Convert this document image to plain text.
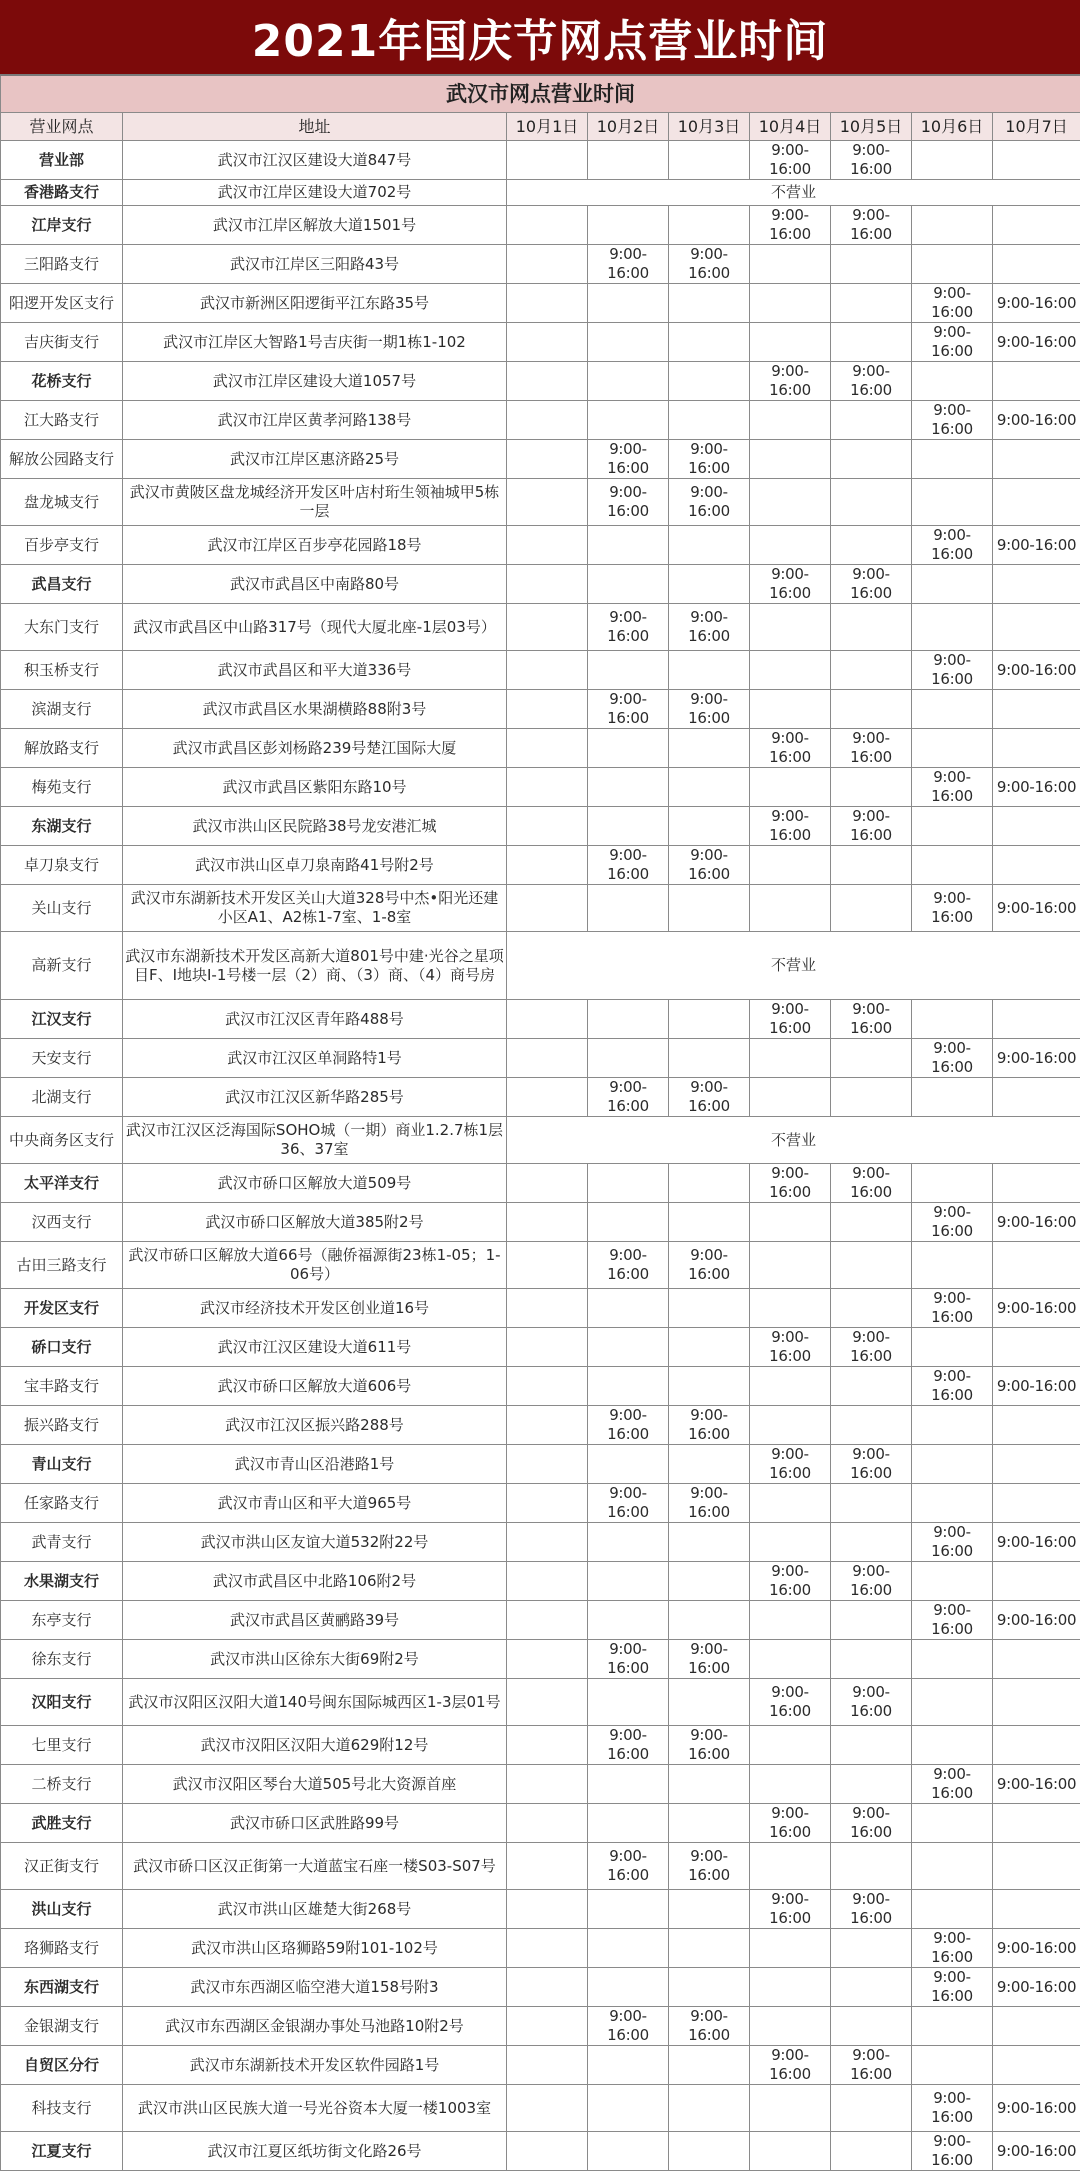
2021年国庆节网点营业时间
武汉市网点营业时间								
营业网点	地址	10月1日	10月2日	10月3日	10月4日	10月5日	10月6日	10月7日
营业部	武汉市江汉区建设大道847号				9:00-16:00	9:00-16:00		
香港路支行	武汉市江岸区建设大道702号	不营业						
江岸支行	武汉市江岸区解放大道1501号				9:00-16:00	9:00-16:00		
三阳路支行	武汉市江岸区三阳路43号		9:00-16:00	9:00-16:00				
阳逻开发区支行	武汉市新洲区阳逻街平江东路35号						9:00-16:00	9:00-16:00
吉庆街支行	武汉市江岸区大智路1号吉庆街一期1栋1-102						9:00-16:00	9:00-16:00
花桥支行	武汉市江岸区建设大道1057号				9:00-16:00	9:00-16:00		
江大路支行	武汉市江岸区黄孝河路138号						9:00-16:00	9:00-16:00
解放公园路支行	武汉市江岸区惠济路25号		9:00-16:00	9:00-16:00				
盘龙城支行	武汉市黄陂区盘龙城经济开发区叶店村珩生领袖城甲5栋一层		9:00-16:00	9:00-16:00				
百步亭支行	武汉市江岸区百步亭花园路18号						9:00-16:00	9:00-16:00
武昌支行	武汉市武昌区中南路80号				9:00-16:00	9:00-16:00		
大东门支行	武汉市武昌区中山路317号（现代大厦北座-1层03号）		9:00-16:00	9:00-16:00				
积玉桥支行	武汉市武昌区和平大道336号						9:00-16:00	9:00-16:00
滨湖支行	武汉市武昌区水果湖横路88附3号		9:00-16:00	9:00-16:00				
解放路支行	武汉市武昌区彭刘杨路239号楚江国际大厦				9:00-16:00	9:00-16:00		
梅苑支行	武汉市武昌区紫阳东路10号						9:00-16:00	9:00-16:00
东湖支行	武汉市洪山区民院路38号龙安港汇城				9:00-16:00	9:00-16:00		
卓刀泉支行	武汉市洪山区卓刀泉南路41号附2号		9:00-16:00	9:00-16:00				
关山支行	武汉市东湖新技术开发区关山大道328号中杰•阳光还建小区A1、A2栋1-7室、1-8室						9:00-16:00	9:00-16:00
高新支行	武汉市东湖新技术开发区高新大道801号中建·光谷之星项目F、I地块I-1号楼一层（2）商、（3）商、（4）商号房	不营业						
江汉支行	武汉市江汉区青年路488号				9:00-16:00	9:00-16:00		
天安支行	武汉市江汉区单洞路特1号						9:00-16:00	9:00-16:00
北湖支行	武汉市江汉区新华路285号		9:00-16:00	9:00-16:00				
中央商务区支行	武汉市江汉区泛海国际SOHO城（一期）商业1.2.7栋1层36、37室	不营业						
太平洋支行	武汉市硚口区解放大道509号				9:00-16:00	9:00-16:00		
汉西支行	武汉市硚口区解放大道385附2号						9:00-16:00	9:00-16:00
古田三路支行	武汉市硚口区解放大道66号（融侨福源街23栋1-05；1-06号）		9:00-16:00	9:00-16:00				
开发区支行	武汉市经济技术开发区创业道16号						9:00-16:00	9:00-16:00
硚口支行	武汉市江汉区建设大道611号				9:00-16:00	9:00-16:00		
宝丰路支行	武汉市硚口区解放大道606号						9:00-16:00	9:00-16:00
振兴路支行	武汉市江汉区振兴路288号		9:00-16:00	9:00-16:00				
青山支行	武汉市青山区沿港路1号				9:00-16:00	9:00-16:00		
任家路支行	武汉市青山区和平大道965号		9:00-16:00	9:00-16:00				
武青支行	武汉市洪山区友谊大道532附22号						9:00-16:00	9:00-16:00
水果湖支行	武汉市武昌区中北路106附2号				9:00-16:00	9:00-16:00		
东亭支行	武汉市武昌区黄鹂路39号						9:00-16:00	9:00-16:00
徐东支行	武汉市洪山区徐东大街69附2号		9:00-16:00	9:00-16:00				
汉阳支行	武汉市汉阳区汉阳大道140号闽东国际城西区1-3层01号				9:00-16:00	9:00-16:00		
七里支行	武汉市汉阳区汉阳大道629附12号		9:00-16:00	9:00-16:00				
二桥支行	武汉市汉阳区琴台大道505号北大资源首座						9:00-16:00	9:00-16:00
武胜支行	武汉市硚口区武胜路99号				9:00-16:00	9:00-16:00		
汉正街支行	武汉市硚口区汉正街第一大道蓝宝石座一楼S03-S07号		9:00-16:00	9:00-16:00				
洪山支行	武汉市洪山区雄楚大街268号				9:00-16:00	9:00-16:00		
珞狮路支行	武汉市洪山区珞狮路59附101-102号						9:00-16:00	9:00-16:00
东西湖支行	武汉市东西湖区临空港大道158号附3						9:00-16:00	9:00-16:00
金银湖支行	武汉市东西湖区金银湖办事处马池路10附2号		9:00-16:00	9:00-16:00				
自贸区分行	武汉市东湖新技术开发区软件园路1号				9:00-16:00	9:00-16:00		
科技支行	武汉市洪山区民族大道一号光谷资本大厦一楼1003室						9:00-16:00	9:00-16:00
江夏支行	武汉市江夏区纸坊街文化路26号						9:00-16:00	9:00-16:00
